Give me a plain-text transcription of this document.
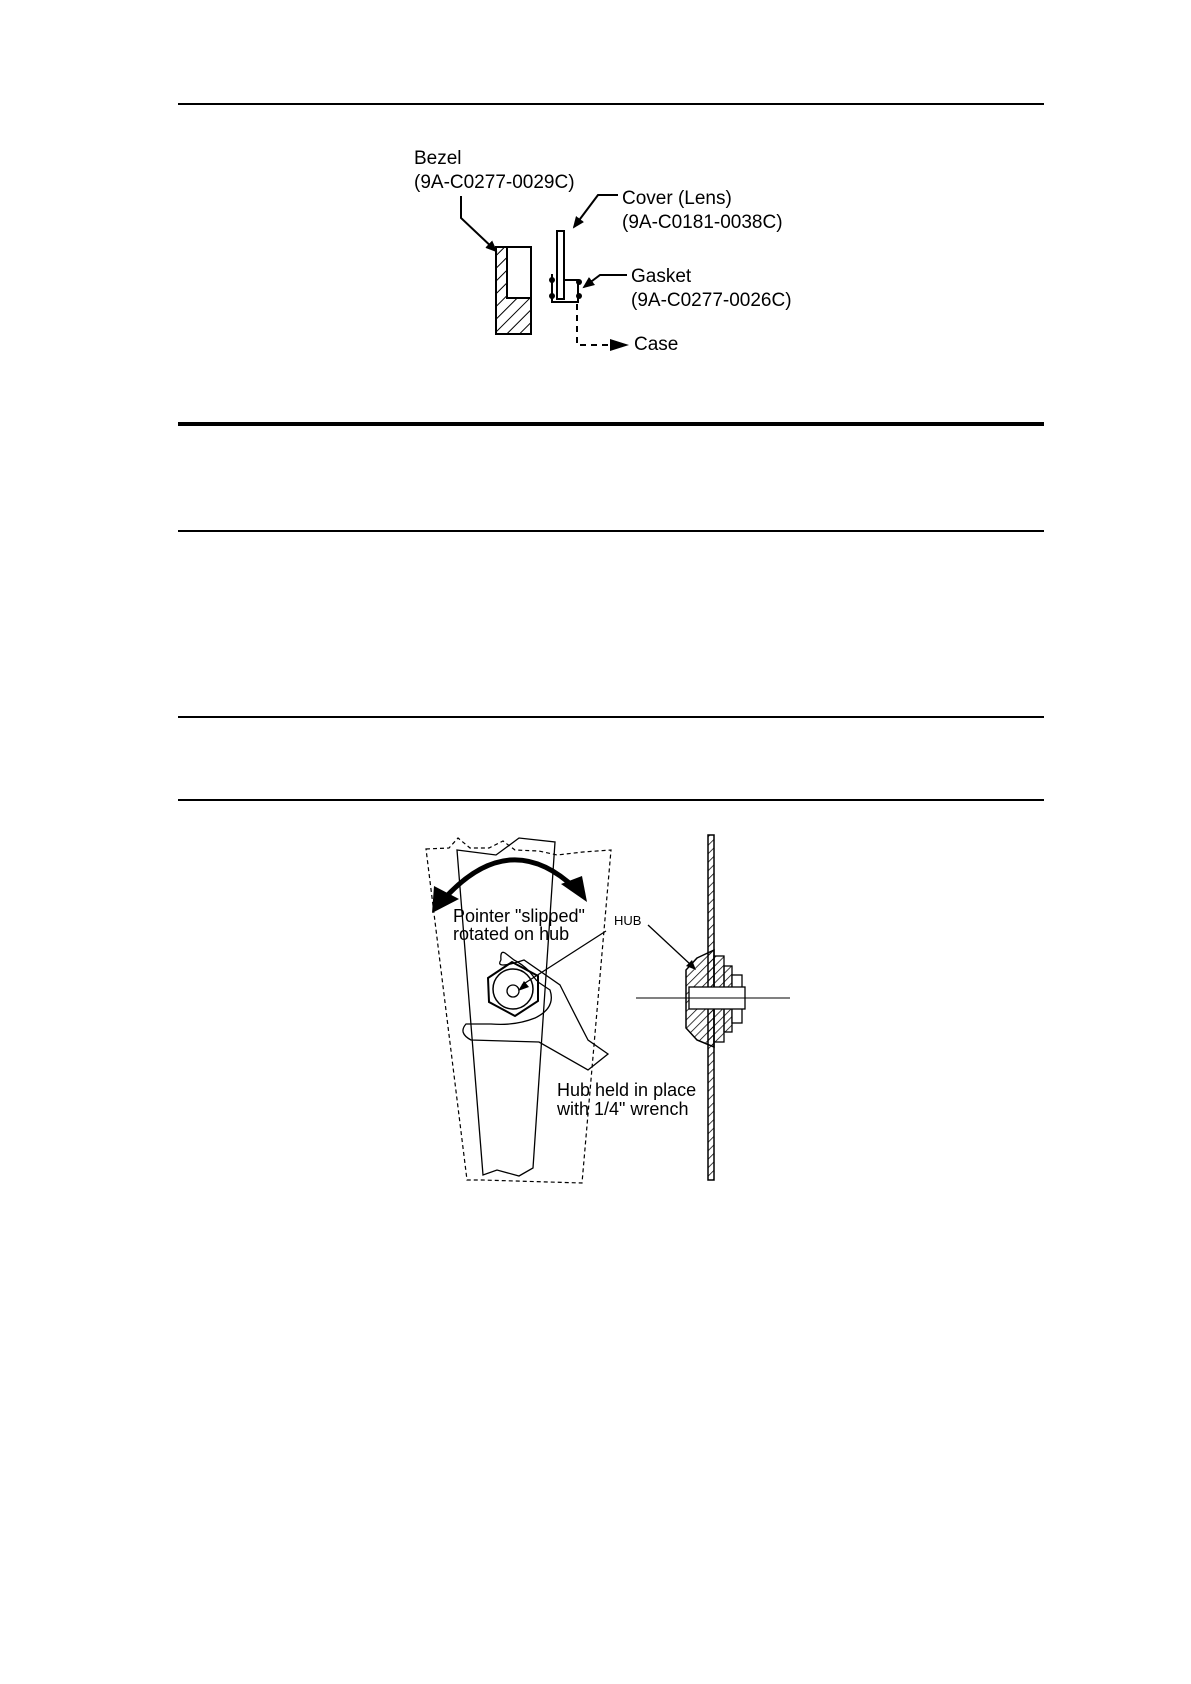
Bezel
(9A-C0277-0029C)
Cover (Lens)
(9A-C0181-0038C)
Gasket
(9A-C0277-0026C)
Case
Pointer "slipped"
rotated on hub
HUB
Hub held in place
with 1/4" wrench
